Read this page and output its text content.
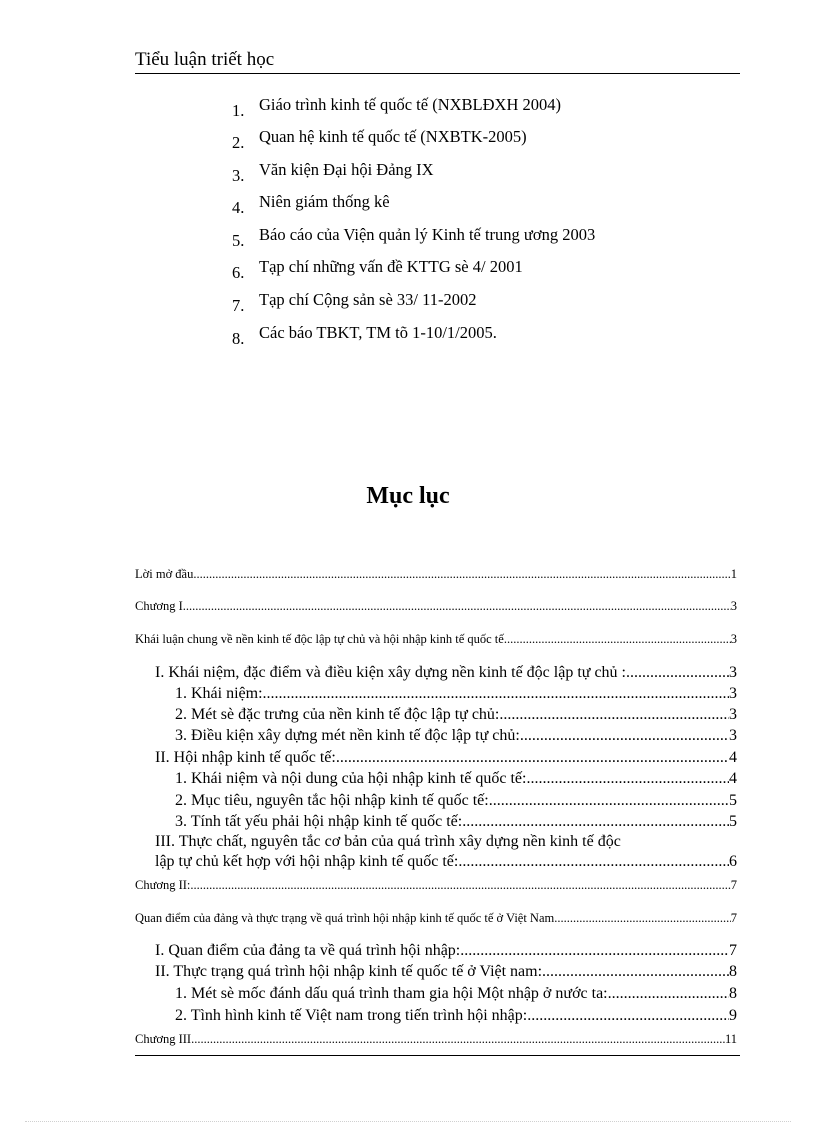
Tiểu luận triết học
1. Giáo trình kinh tế quốc tế (NXBLĐXH 2004)
2. Quan hệ kinh tế quốc tế (NXBTK-2005)
3. Văn kiện Đại hội Đảng IX
4. Niên giám thống kê
5. Báo cáo của Viện quản lý Kinh tế trung ương 2003
6. Tạp chí những vấn đề KTTG sè 4/ 2001
7. Tạp chí Cộng sản sè 33/ 11-2002
8. Các báo TBKT, TM tõ 1-10/1/2005.
Mục lục
Lời mở đầu .....	1
Chương I .....	3
Khái luận chung về nền kinh tế độc lập tự chủ và hội nhập kinh tế quốc tế. .....	3
I. Khái niệm, đặc điểm và điều kiện xây dựng nền kinh tế độc lập tự chủ : .....	3
1. Khái niệm: .....	3
2. Mét sè đặc trưng của nền kinh tế độc lập tự chủ: .....	3
3. Điều kiện xây dựng mét nền kinh tế độc lập tự chủ: .....	3
II. Hội nhập kinh tế quốc tế: .....	4
1. Khái niệm và nội dung của hội nhập kinh tế quốc tế: .....	4
2. Mục tiêu, nguyên tắc hội nhập kinh tế quốc tế: .....	5
3. Tính tất yếu phải hội nhập kinh tế quốc tế: .....	5
III. Thực chất, nguyên tắc cơ bản của quá trình xây dựng nền kinh tế độc
lập tự chủ kết hợp với hội nhập kinh tế quốc tế: .....	6
Chương II: .....	7
Quan điểm của đảng và thực trạng về quá trình hội nhập kinh tế quốc tế ở Việt Nam .....	7
I. Quan điểm của đảng ta về quá trình hội nhập: .....	7
II. Thực trạng quá trình hội nhập kinh tế quốc tế ở Việt nam: .....	8
1. Mét sè mốc đánh dấu quá trình tham gia hội Một nhập ở nước ta: .....	8
2. Tình hình kinh tế Việt nam trong tiến trình hội nhập: .....	9
Chương III .....	11
